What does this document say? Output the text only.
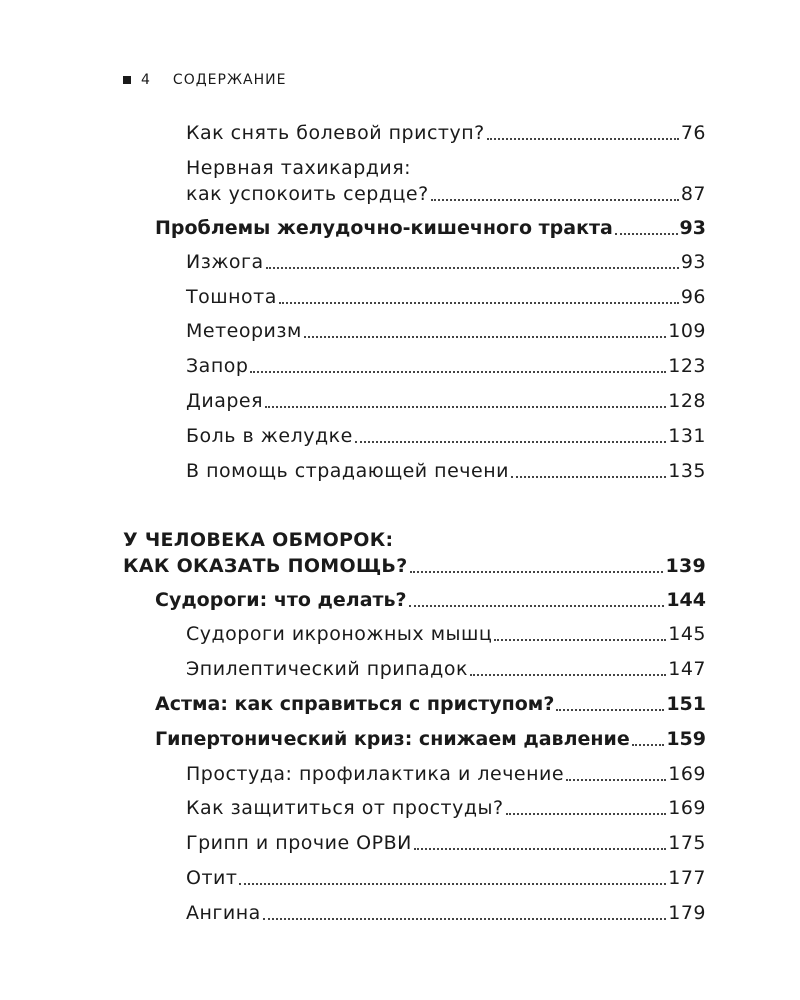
4 СОДЕРЖАНИЕ
Как снять болевой приступ?	76
Нервная тахикардия:
как успокоить сердце?	87
Проблемы желудочно-кишечного тракта	93
Изжога	93
Тошнота	96
Метеоризм	109
Запор	123
Диарея	128
Боль в желудке	131
В помощь страдающей печени	135
У ЧЕЛОВЕКА ОБМОРОК:
КАК ОКАЗАТЬ ПОМОЩЬ?	139
Судороги: что делать?	144
Судороги икроножных мышц	145
Эпилептический припадок	147
Астма: как справиться с приступом?	151
Гипертонический криз: снижаем давление 159
Простуда: профилактика и лечение	169
Как защититься от простуды?	169
Грипп и прочие ОРВИ	175
Отит	177
Ангина	179
